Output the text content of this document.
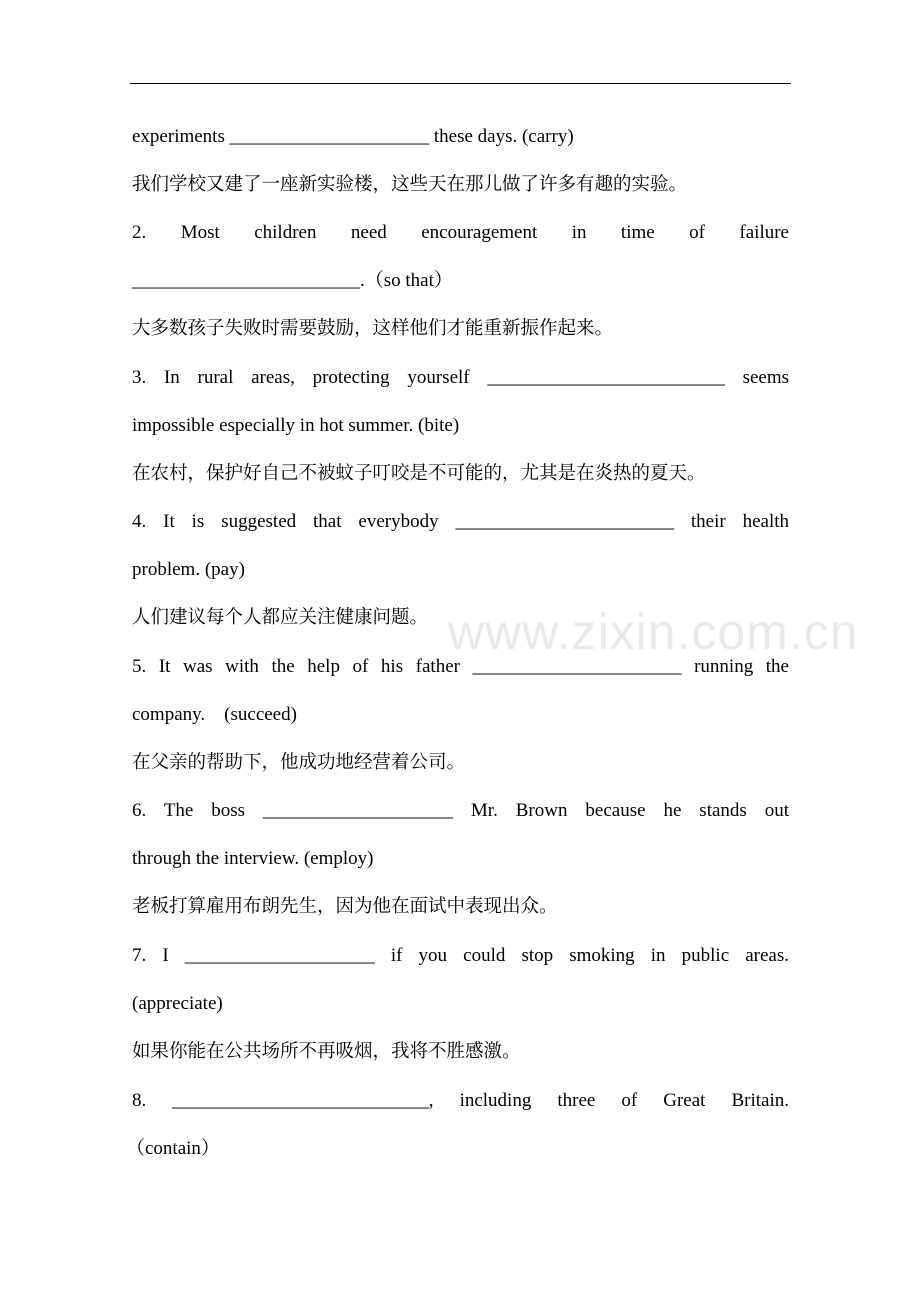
experiments _____________________ these days. (carry)
我们学校又建了一座新实验楼，这些天在那儿做了许多有趣的实验。
2. Most children need encouragement in time of failure
________________________.（so that）
大多数孩子失败时需要鼓励，这样他们才能重新振作起来。
3. In rural areas, protecting yourself _________________________ seems
impossible especially in hot summer. (bite)
在农村，保护好自己不被蚊子叮咬是不可能的，尤其是在炎热的夏天。
4. It is suggested that everybody _______________________ their health
problem. (pay)
人们建议每个人都应关注健康问题。
5. It was with the help of his father ______________________ running the
company.    (succeed)
在父亲的帮助下，他成功地经营着公司。
6. The boss ____________________ Mr. Brown because he stands out
through the interview. (employ)
老板打算雇用布朗先生，因为他在面试中表现出众。
7. I ____________________ if you could stop smoking in public areas.
(appreciate)
如果你能在公共场所不再吸烟，我将不胜感激。
8. ___________________________, including three of Great Britain.
（contain）
www.zixin.com.cn
